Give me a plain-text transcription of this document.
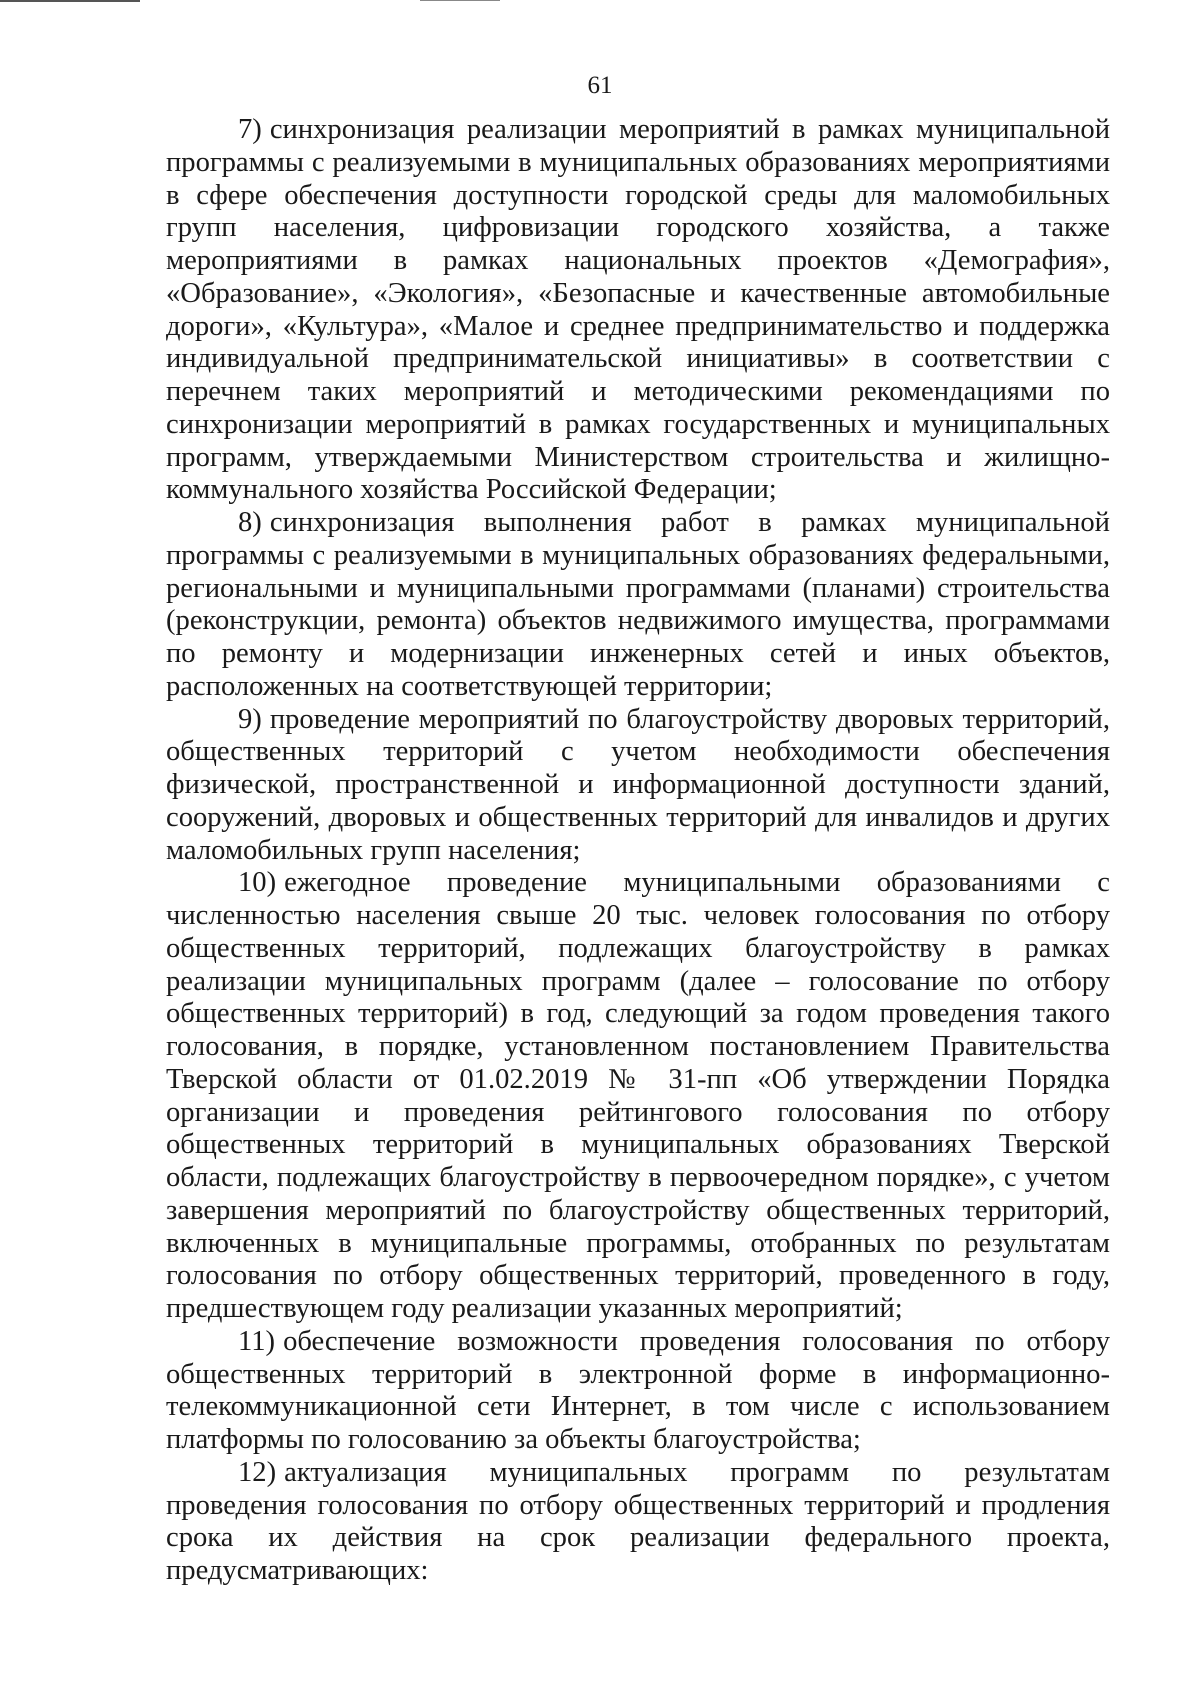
61

7) синхронизация реализации мероприятий в рамках муниципальной программы с реализуемыми в муниципальных образованиях мероприятиями в сфере обеспечения доступности городской среды для маломобильных групп населения, цифровизации городского хозяйства, а также мероприятиями в рамках национальных проектов «Демография», «Образование», «Экология», «Безопасные и качественные автомобильные дороги», «Культура», «Малое и среднее предпринимательство и поддержка индивидуальной предпринимательской инициативы» в соответствии с перечнем таких мероприятий и методическими рекомендациями по синхронизации мероприятий в рамках государственных и муниципальных программ, утверждаемыми Министерством строительства и жилищно-коммунального хозяйства Российской Федерации;

8) синхронизация выполнения работ в рамках муниципальной программы с реализуемыми в муниципальных образованиях федеральными, региональными и муниципальными программами (планами) строительства (реконструкции, ремонта) объектов недвижимого имущества, программами по ремонту и модернизации инженерных сетей и иных объектов, расположенных на соответствующей территории;

9) проведение мероприятий по благоустройству дворовых территорий, общественных территорий с учетом необходимости обеспечения физической, пространственной и информационной доступности зданий, сооружений, дворовых и общественных территорий для инвалидов и других маломобильных групп населения;

10) ежегодное проведение муниципальными образованиями с численностью населения свыше 20 тыс. человек голосования по отбору общественных территорий, подлежащих благоустройству в рамках реализации муниципальных программ (далее – голосование по отбору общественных территорий) в год, следующий за годом проведения такого голосования, в порядке, установленном постановлением Правительства Тверской области от 01.02.2019 № 31-пп «Об утверждении Порядка организации и проведения рейтингового голосования по отбору общественных территорий в муниципальных образованиях Тверской области, подлежащих благоустройству в первоочередном порядке», с учетом завершения мероприятий по благоустройству общественных территорий, включенных в муниципальные программы, отобранных по результатам голосования по отбору общественных территорий, проведенного в году, предшествующем году реализации указанных мероприятий;

11) обеспечение возможности проведения голосования по отбору общественных территорий в электронной форме в информационно-телекоммуникационной сети Интернет, в том числе с использованием платформы по голосованию за объекты благоустройства;

12) актуализация муниципальных программ по результатам проведения голосования по отбору общественных территорий и продления срока их действия на срок реализации федерального проекта, предусматривающих:
